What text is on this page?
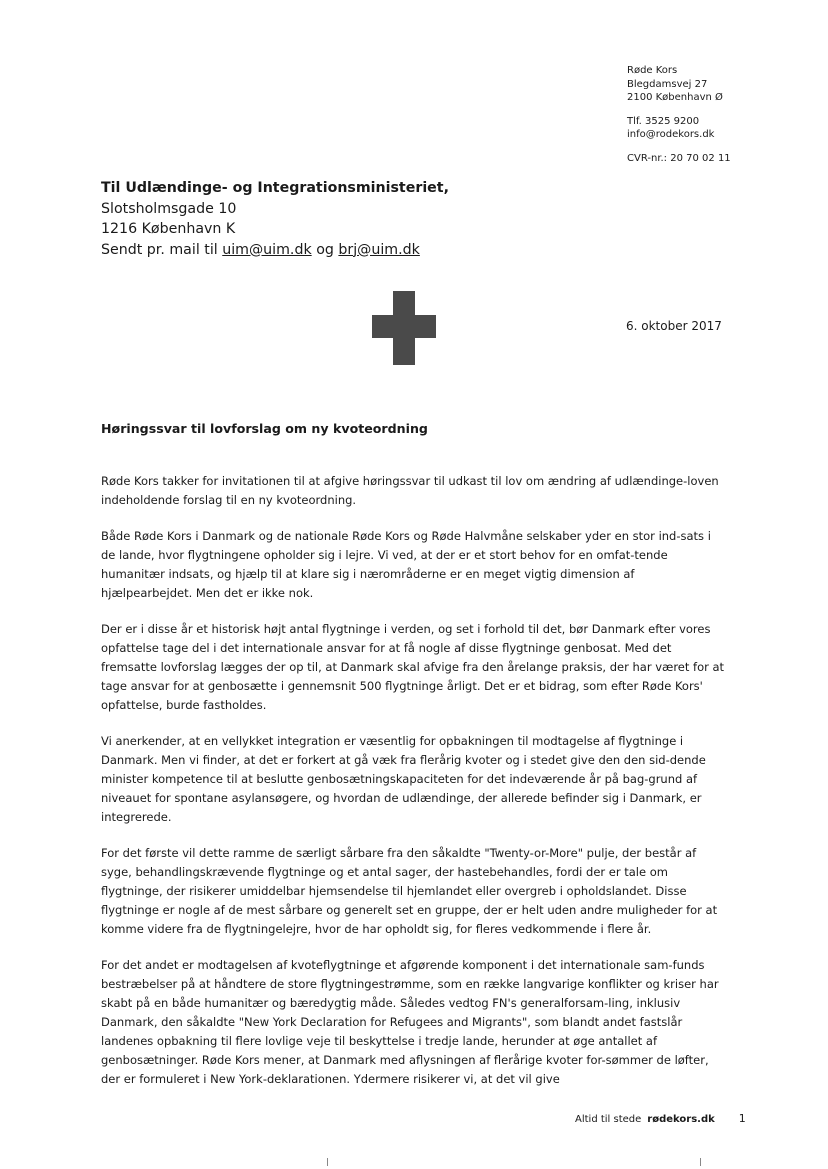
Røde Kors
Blegdamsvej 27
2100 København Ø
Tlf. 3525 9200
info@rodekors.dk
CVR-nr.: 20 70 02 11
Til Udlændinge- og Integrationsministeriet,
Slotsholmsgade 10
1216 København K
Sendt pr. mail til uim@uim.dk og brj@uim.dk
6. oktober 2017
Høringssvar til lovforslag om ny kvoteordning

Røde Kors takker for invitationen til at afgive høringssvar til udkast til lov om ændring af udlændinge-loven indeholdende forslag til en ny kvoteordning.

Både Røde Kors i Danmark og de nationale Røde Kors og Røde Halvmåne selskaber yder en stor ind-sats i de lande, hvor flygtningene opholder sig i lejre. Vi ved, at der er et stort behov for en omfat-tende humanitær indsats, og hjælp til at klare sig i nærområderne er en meget vigtig dimension af hjælpearbejdet. Men det er ikke nok.

Der er i disse år et historisk højt antal flygtninge i verden, og set i forhold til det, bør Danmark efter vores opfattelse tage del i det internationale ansvar for at få nogle af disse flygtninge genbosat. Med det fremsatte lovforslag lægges der op til, at Danmark skal afvige fra den årelange praksis, der har været for at tage ansvar for at genbosætte i gennemsnit 500 flygtninge årligt. Det er et bidrag, som efter Røde Kors' opfattelse, burde fastholdes.

Vi anerkender, at en vellykket integration er væsentlig for opbakningen til modtagelse af flygtninge i Danmark. Men vi finder, at det er forkert at gå væk fra flerårig kvoter og i stedet give den den sid-dende minister kompetence til at beslutte genbosætningskapaciteten for det indeværende år på bag-grund af niveauet for spontane asylansøgere, og hvordan de udlændinge, der allerede befinder sig i Danmark, er integrerede.

For det første vil dette ramme de særligt sårbare fra den såkaldte "Twenty-or-More" pulje, der består af syge, behandlingskrævende flygtninge og et antal sager, der hastebehandles, fordi der er tale om flygtninge, der risikerer umiddelbar hjemsendelse til hjemlandet eller overgreb i opholdslandet. Disse flygtninge er nogle af de mest sårbare og generelt set en gruppe, der er helt uden andre muligheder for at komme videre fra de flygtningelejre, hvor de har opholdt sig, for fleres vedkommende i flere år.

For det andet er modtagelsen af kvoteflygtninge et afgørende komponent i det internationale sam-funds bestræbelser på at håndtere de store flygtningestrømme, som en række langvarige konflikter og kriser har skabt på en både humanitær og bæredygtig måde. Således vedtog FN's generalforsam-ling, inklusiv Danmark, den såkaldte "New York Declaration for Refugees and Migrants", som blandt andet fastslår landenes opbakning til flere lovlige veje til beskyttelse i tredje lande, herunder at øge antallet af genbosætninger. Røde Kors mener, at Danmark med aflysningen af flerårige kvoter for-sømmer de løfter, der er formuleret i New York-deklarationen. Ydermere risikerer vi, at det vil give

Altid til stede rødekors.dk 1
